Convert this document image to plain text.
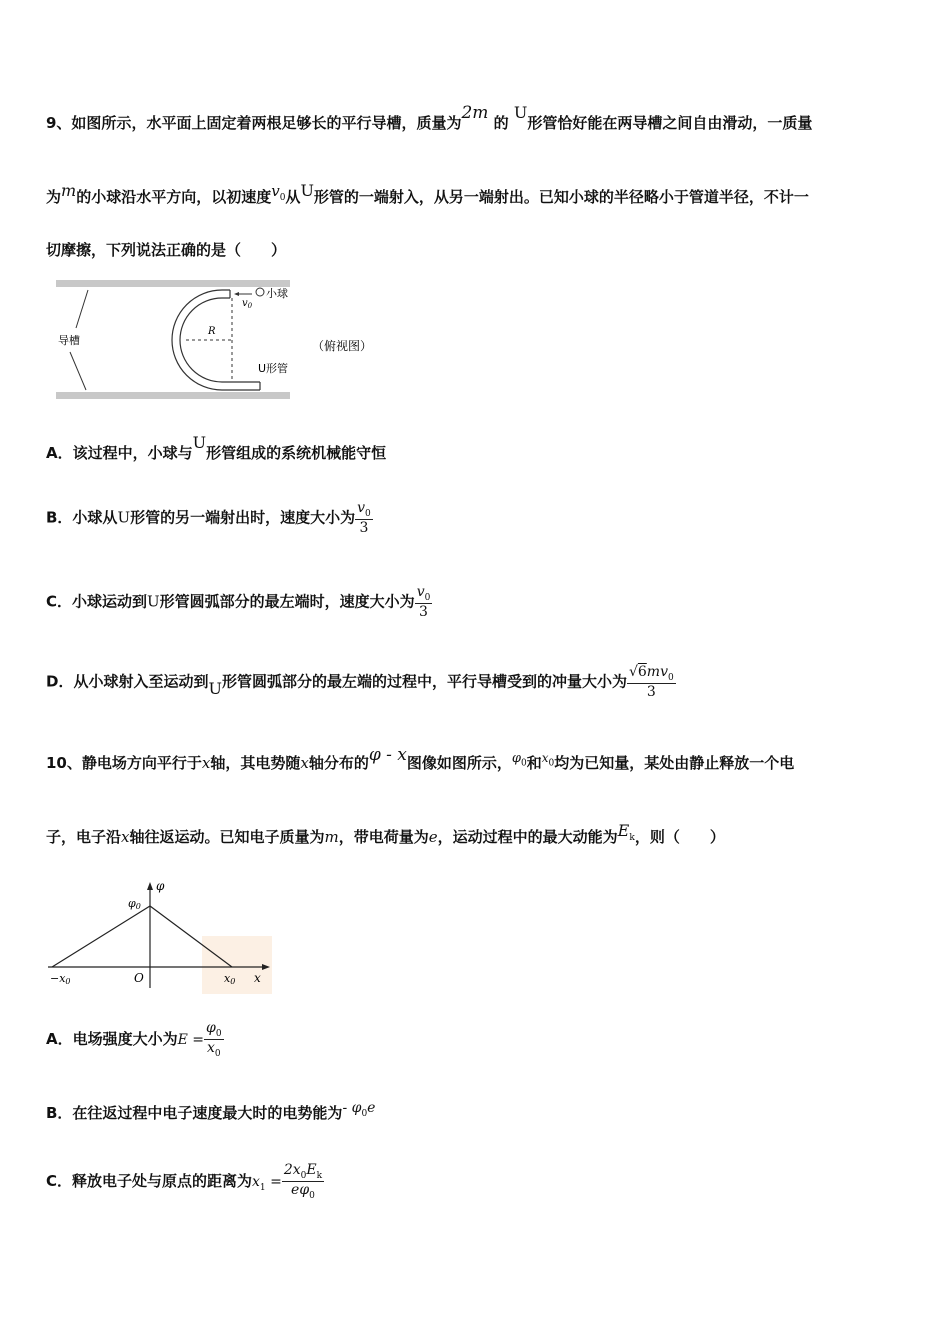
9、如图所示，水平面上固定着两根足够长的平行导槽，质量为2m 的 U形管恰好能在两导槽之间自由滑动，一质量
为m的小球沿水平方向，以初速度$v_0$从U形管的一端射入，从另一端射出。已知小球的半径略小于管道半径，不计一
切摩擦，下列说法正确的是（　　）
导槽
R
$v_0$
小球
U形管
（俯视图）
A．该过程中，小球与U形管组成的系统机械能守恒
B．小球从U形管的另一端射出时，速度大小为 $\frac{v_0}{3}$
C．小球运动到U形管圆弧部分的最左端时，速度大小为 $\frac{v_0}{3}$
D．从小球射入至运动到U形管圆弧部分的最左端的过程中，平行导槽受到的冲量大小为 $\frac{√6mv_0}{3}$
10、静电场方向平行于x轴，其电势随x轴分布的φ - x图像如图所示，$\varphi_0$和$^{x_0}$均为已知量，某处由静止释放一个电
子，电子沿x轴往返运动。已知电子质量为m，带电荷量为e，运动过程中的最大动能为$E_k$，则（　　）
φ
φ0
−x0	O	x0 x
A．电场强度大小为$E = \frac{\varphi_0}{x_0}$
B．在往返过程中电子速度最大时的电势能为- $\varphi_0e$
C．释放电子处与原点的距离为$x_1 = \frac{2x_0E_k}{e\varphi_0}$
